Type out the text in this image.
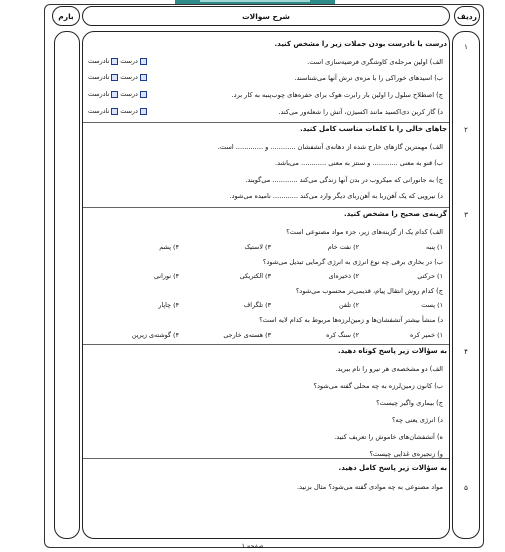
ردیف
شرح سوالات
بارم
۱
درست یا نادرست بودن جملات زیر را مشخص کنید.
الف) اولین مرحله‌ی کاوشگری فرضیه‌سازی است.
ب) اسیدهای خوراکی را با مزه‌ی ترش آنها می‌شناسند.
ج) اصطلاح سلول را اولین بار رابرت هوک برای حفره‌های چوب‌پنبه به کار برد.
د) گاز کربن دی‌اکسید مانند اکسیژن، آتش را شعله‌ور می‌کند.
درست
نادرست
درست
نادرست
درست
نادرست
درست
نادرست
۲
جاهای خالی را با کلمات مناسب کامل کنید.
الف) مهمترین گازهای خارج شده از دهانه‌ی آتشفشان ............ و ............. است.
ب) قنو به معنی ............ و سنتز به معنی ............ می‌باشد.
ج) به جانورانی که میکروب در بدن آنها زندگی می‌کند ............ می‌گویند.
د) نیرویی که یک آهن‌ربا به آهن‌ربای دیگر وارد می‌کند ............ نامیده می‌شود.
۳
گزینه‌ی صحیح را مشخص کنید.
الف) کدام یک از گزینه‌های زیر، جزء مواد مصنوعی است؟
۱) پنبه
۲) نفت خام
۳) لاستیک
۴) پشم
ب) در بخاری برقی چه نوع انرژی به انرژی گرمایی تبدیل می‌شود؟
۱) حرکتی
۲) ذخیره‌ای
۳) الکتریکی
۴) نورانی
ج) کدام روش انتقال پیام، قدیمی‌تر محسوب می‌شود؟
۱) پست
۲) تلفن
۳) تلگراف
۴) چاپار
د) منشأ بیشتر آتشفشان‌ها و زمین‌لرزه‌ها مربوط به کدام لایه است؟
۱) خمیر کره
۲) سنگ کره
۳) هسته‌ی خارجی
۴) گوشته‌ی زیرین
۴
به سؤالات زیر پاسخ کوتاه دهید.
الف) دو مشخصه‌ی هر نیرو را نام ببرید.
ب) کانون زمین‌لرزه به چه محلی گفته می‌شود؟
ج) بیماری واگیر چیست؟
د) انرژی یعنی چه؟
ه) آتشفشان‌های خاموش را تعریف کنید.
و) زنجیره‌ی غذایی چیست؟
به سؤالات زیر پاسخ کامل دهید.
۵
مواد مصنوعی به چه موادی گفته می‌شود؟ مثال بزنید.
صفحه ۱
